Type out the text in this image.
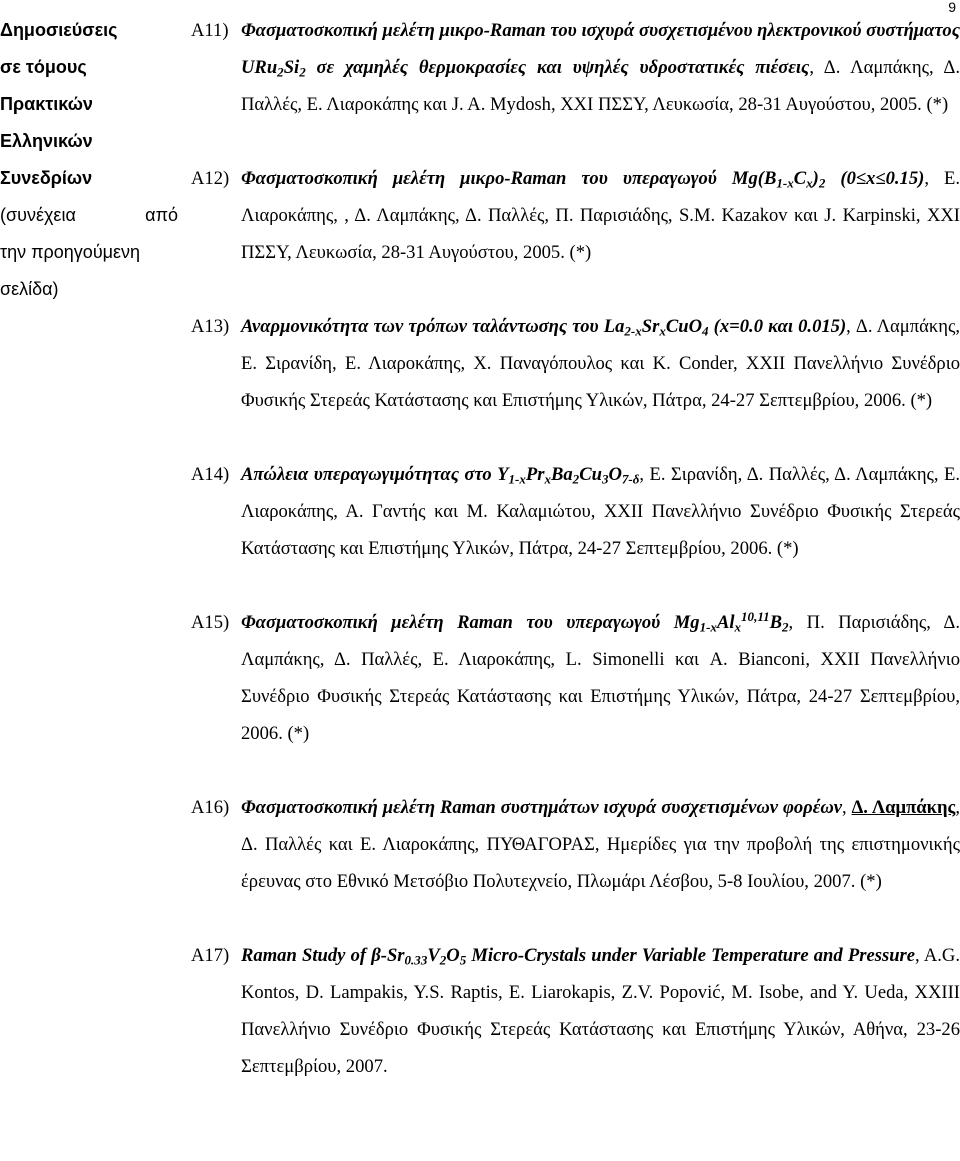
9
Δημοσιεύσεις
σε τόμους
Πρακτικών
Ελληνικών
Συνεδρίων
(συνέχεια	από
την προηγούμενη
σελίδα)
A11) Φασματοσκοπική μελέτη μικρο-Raman του ισχυρά συσχετισμένου ηλεκτρονικού συστήματος $URu_2Si_2$ σε χαμηλές θερμοκρασίες και υψηλές υδροστατικές πιέσεις, Δ. Λαμπάκης, Δ. Παλλές, Ε. Λιαροκάπης και J. A. Mydosh, XXI ΠΣΣΥ, Λευκωσία, 28-31 Αυγούστου, 2005. (*)
A12) Φασματοσκοπική μελέτη μικρο-Raman του υπεραγωγού $Mg(B_{1-x}C_x)_2$ (0≤x≤0.15), Ε. Λιαροκάπης, , Δ. Λαμπάκης, Δ. Παλλές, Π. Παρισιάδης, S.M. Kazakov και J. Karpinski, XXI ΠΣΣΥ, Λευκωσία, 28-31 Αυγούστου, 2005. (*)
A13) Αναρμονικότητα των τρόπων ταλάντωσης του $La_{2-x}Sr_xCuO_4$ (x=0.0 και 0.015), Δ. Λαμπάκης, Ε. Σιρανίδη, Ε. Λιαροκάπης, Χ. Παναγόπουλος και K. Conder, XXII Πανελλήνιο Συνέδριο Φυσικής Στερεάς Κατάστασης και Επιστήμης Υλικών, Πάτρα, 24-27 Σεπτεμβρίου, 2006. (*)
A14) Απώλεια υπεραγωγιμότητας στο $Y_{1-x}Pr_xBa_2Cu_3O_{7-\delta}$, Ε. Σιρανίδη, Δ. Παλλές, Δ. Λαμπάκης, Ε. Λιαροκάπης, Α. Γαντής και Μ. Καλαμιώτου, XXII Πανελλήνιο Συνέδριο Φυσικής Στερεάς Κατάστασης και Επιστήμης Υλικών, Πάτρα, 24-27 Σεπτεμβρίου, 2006. (*)
A15) Φασματοσκοπική μελέτη Raman του υπεραγωγού $Mg_{1-x}Al_x^{10,11}B_2$, Π. Παρισιάδης, Δ. Λαμπάκης, Δ. Παλλές, Ε. Λιαροκάπης, L. Simonelli και A. Bianconi, XXII Πανελλήνιο Συνέδριο Φυσικής Στερεάς Κατάστασης και Επιστήμης Υλικών, Πάτρα, 24-27 Σεπτεμβρίου, 2006. (*)
A16) Φασματοσκοπική μελέτη Raman συστημάτων ισχυρά συσχετισμένων φορέων, Δ. Λαμπάκης, Δ. Παλλές και Ε. Λιαροκάπης, ΠΥΘΑΓΟΡΑΣ, Ημερίδες για την προβολή της επιστημονικής έρευνας στο Εθνικό Μετσόβιο Πολυτεχνείο, Πλωμάρι Λέσβου, 5-8 Ιουλίου, 2007. (*)
A17) Raman Study of $\beta-Sr_{0.33}V_2O_5$ Micro-Crystals under Variable Temperature and Pressure, A.G. Kontos, D. Lampakis, Y.S. Raptis, E. Liarokapis, Z.V. Popović, M. Isobe, and Y. Ueda, XXIII Πανελλήνιο Συνέδριο Φυσικής Στερεάς Κατάστασης και Επιστήμης Υλικών, Αθήνα, 23-26 Σεπτεμβρίου, 2007.
